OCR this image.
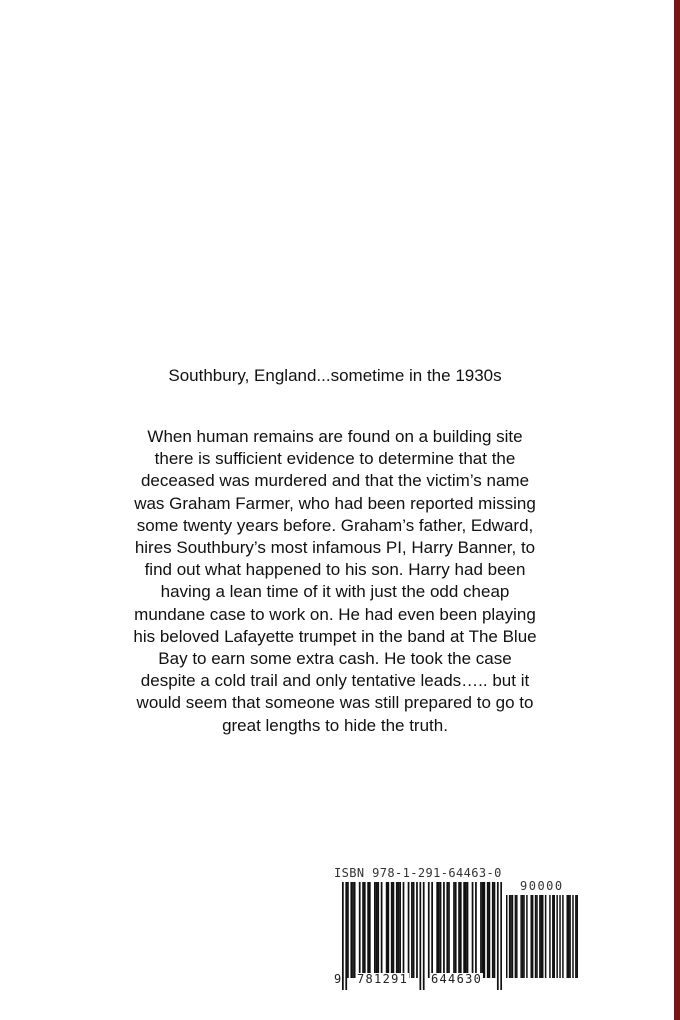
Southbury, England...sometime in the 1930s
When human remains are found on a building site
there is sufficient evidence to determine that the
deceased was murdered and that the victim’s name
was Graham Farmer, who had been reported missing
some twenty years before. Graham’s father, Edward,
hires Southbury’s most infamous PI, Harry Banner, to
find out what happened to his son. Harry had been
having a lean time of it with just the odd cheap
mundane case to work on. He had even been playing
his beloved Lafayette trumpet in the band at The Blue
Bay to earn some extra cash. He took the case
despite a cold trail and only tentative leads….. but it
would seem that someone was still prepared to go to
great lengths to hide the truth.
ISBN 978-1-291-64463-0
90000
9 781291 644630
